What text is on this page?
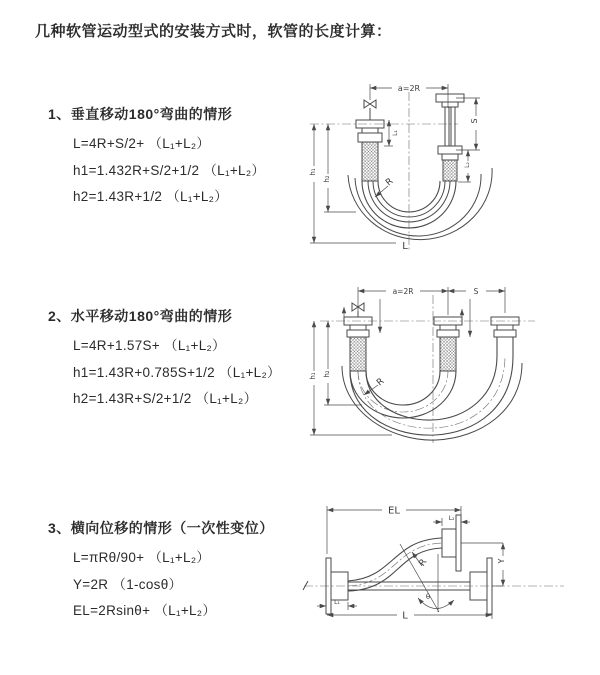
几种软管运动型式的安装方式时，软管的长度计算：
1、垂直移动180°弯曲的情形

L=4R+S/2+ （L₁+L₂）

h1=1.432R+S/2+1/2 （L₁+L₂）

h2=1.43R+1/2 （L₁+L₂）

a=2R
R
h₁
h₂
L₁
S
L₂
L
2、水平移动180°弯曲的情形

L=4R+1.57S+ （L₁+L₂）

h1=1.43R+0.785S+1/2 （L₁+L₂）

h2=1.43R+S/2+1/2 （L₁+L₂）

a=2R	S
R
h₁ h₂
3、横向位移的情形（一次性变位）

L=πRθ/90+ （L₁+L₂）

Y=2R （1-cosθ）

EL=2Rsinθ+ （L₁+L₂）

EL
L₂
Y
L₁
L
R
θ
